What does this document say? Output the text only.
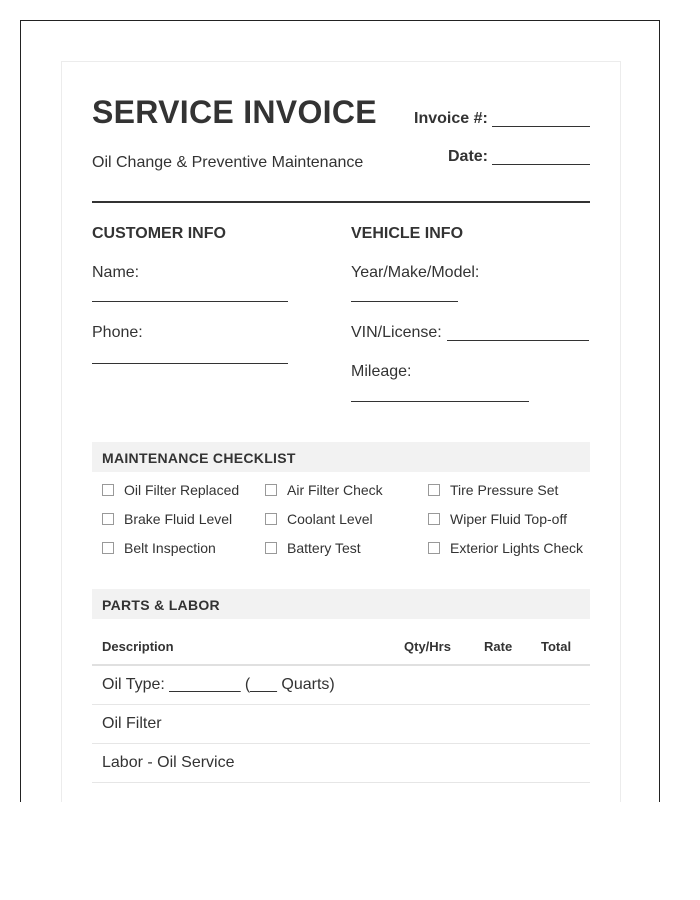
SERVICE INVOICE
Oil Change & Preventive Maintenance
Invoice #:
Date:
CUSTOMER INFO
Name:
Phone:
VEHICLE INFO
Year/Make/Model:
VIN/License:
Mileage:
MAINTENANCE CHECKLIST
Oil Filter Replaced	Air Filter Check	Tire Pressure Set
Brake Fluid Level	Coolant Level	Wiper Fluid Top-off
Belt Inspection	Battery Test	Exterior Lights Check
PARTS & LABOR
Description	Qty/Hrs	Rate Total
Oil Type: ________ (___ Quarts)
Oil Filter
Labor - Oil Service
